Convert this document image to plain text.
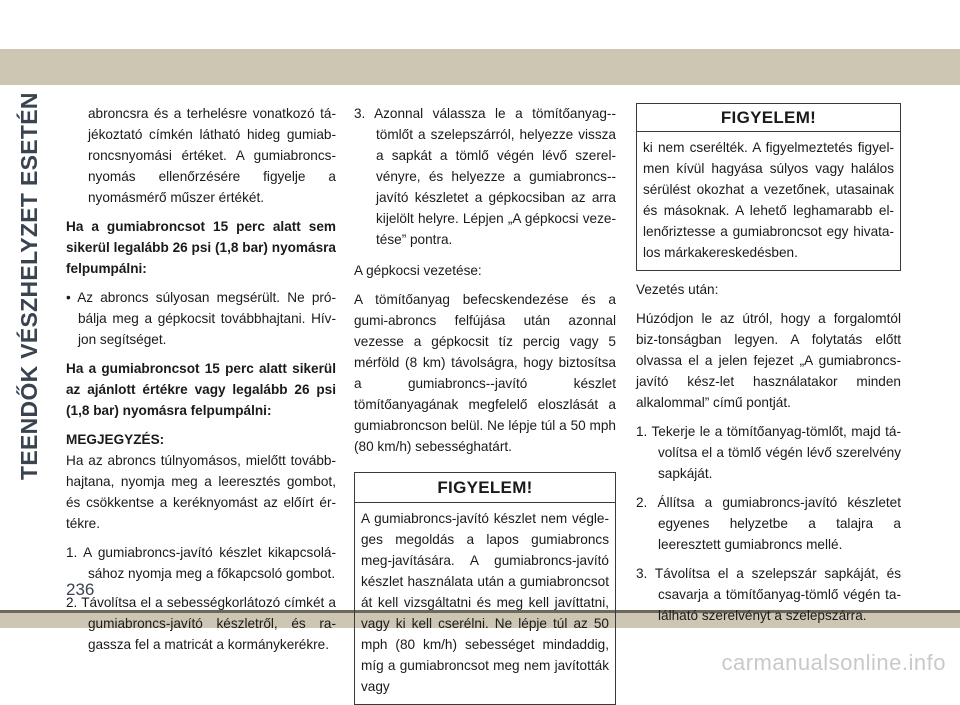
TEENDŐK VÉSZHELYZET ESETÉN
236
carmanualsonline.info

abroncsra és a terhelésre vonatkozó tá-jékoztató címkén látható hideg gumiab-roncsnyomási értéket. A gumiabroncs-nyomás ellenőrzésére figyelje a nyomásmérő műszer értékét.

Ha a gumiabroncsot 15 perc alatt sem sikerül legalább 26 psi (1,8 bar) nyomásra felpumpálni:

• Az abroncs súlyosan megsérült. Ne pró-bálja meg a gépkocsit továbbhajtani. Hív-jon segítséget.

Ha a gumiabroncsot 15 perc alatt sikerül az ajánlott értékre vagy legalább 26 psi (1,8 bar) nyomásra felpumpálni:

MEGJEGYZÉS:

Ha az abroncs túlnyomásos, mielőtt tovább-hajtana, nyomja meg a leeresztés gombot, és csökkentse a keréknyomást az előírt ér-tékre.

1. A gumiabroncs-javító készlet kikapcsolá-sához nyomja meg a főkapcsoló gombot.

2. Távolítsa el a sebességkorlátozó címkét a gumiabroncs-javító készletről, és ra-gassza fel a matricát a kormánykerékre.

3. Azonnal válassza le a tömítőanyag--tömlőt a szelepszárról, helyezze vissza a sapkát a tömlő végén lévő szerel-vényre, és helyezze a gumiabroncs--javító készletet a gépkocsiban az arra kijelölt helyre. Lépjen „A gépkocsi veze-tése” pontra.

A gépkocsi vezetése:

A tömítőanyag befecskendezése és a gumi-abroncs felfújása után azonnal vezesse a gépkocsit tíz percig vagy 5 mérföld (8 km) távolságra, hogy biztosítsa a gumiabroncs--javító készlet tömítőanyagának megfelelő eloszlását a gumiabroncson belül. Ne lépje túl a 50 mph (80 km/h) sebességhatárt.

FIGYELEM!
A gumiabroncs-javító készlet nem végle-ges megoldás a lapos gumiabroncs meg-javítására. A gumiabroncs-javító készlet használata után a gumiabroncsot át kell vizsgáltatni és meg kell javíttatni, vagy ki kell cserélni. Ne lépje túl az 50 mph (80 km/h) sebességet mindaddig, míg a gumiabroncsot meg nem javították vagy
FIGYELEM!
ki nem cserélték. A figyelmeztetés figyel-men kívül hagyása súlyos vagy halálos sérülést okozhat a vezetőnek, utasainak és másoknak. A lehető leghamarabb el-lenőriztesse a gumiabroncsot egy hivata-los márkakereskedésben.

Vezetés után:

Húzódjon le az útról, hogy a forgalomtól biz-tonságban legyen. A folytatás előtt olvassa el a jelen fejezet „A gumiabroncs-javító kész-let használatakor minden alkalommal” című pontját.

1. Tekerje le a tömítőanyag-tömlőt, majd tá-volítsa el a tömlő végén lévő szerelvény sapkáját.

2. Állítsa a gumiabroncs-javító készletet egyenes helyzetbe a talajra a leeresztett gumiabroncs mellé.

3. Távolítsa el a szelepszár sapkáját, és csavarja a tömítőanyag-tömlő végén ta-lálható szerelvényt a szelepszárra.
